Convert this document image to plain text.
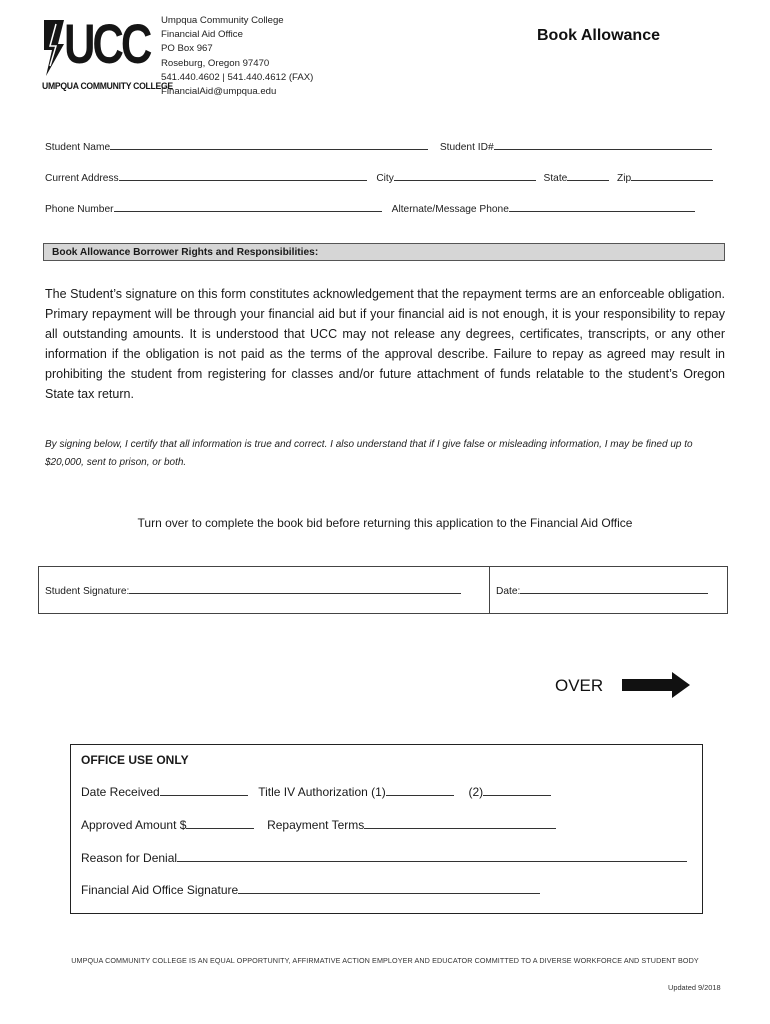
UCC
UMPQUA COMMUNITY COLLEGE
Umpqua Community College
Financial Aid Office
PO Box 967
Roseburg, Oregon 97470
541.440.4602 | 541.440.4612 (FAX)
FinancialAid@umpqua.edu
Book Allowance
Student Name	Student ID#
Current Address	City	State	Zip
Phone Number	Alternate/Message Phone
Book Allowance Borrower Rights and Responsibilities:
The Student’s signature on this form constitutes acknowledgement that the repayment terms are an enforceable obligation. Primary repayment will be through your financial aid but if your financial aid is not enough, it is your responsibility to repay all outstanding amounts. It is understood that UCC may not release any degrees, certificates, transcripts, or any other information if the obligation is not paid as the terms of the approval describe. Failure to repay as agreed may result in prohibiting the student from registering for classes and/or future attachment of funds relatable to the student’s Oregon State tax return.
By signing below, I certify that all information is true and correct. I also understand that if I give false or misleading information, I may be fined up to $20,000, sent to prison, or both.
Turn over to complete the book bid before returning this application to the Financial Aid Office
Student Signature:	Date:
OVER
OFFICE USE ONLY
Date Received	Title IV Authorization (1)	(2)
Approved Amount $	Repayment Terms
Reason for Denial
Financial Aid Office Signature
UMPQUA COMMUNITY COLLEGE IS AN EQUAL OPPORTUNITY, AFFIRMATIVE ACTION EMPLOYER AND EDUCATOR COMMITTED TO A DIVERSE WORKFORCE AND STUDENT BODY
Updated 9/2018
